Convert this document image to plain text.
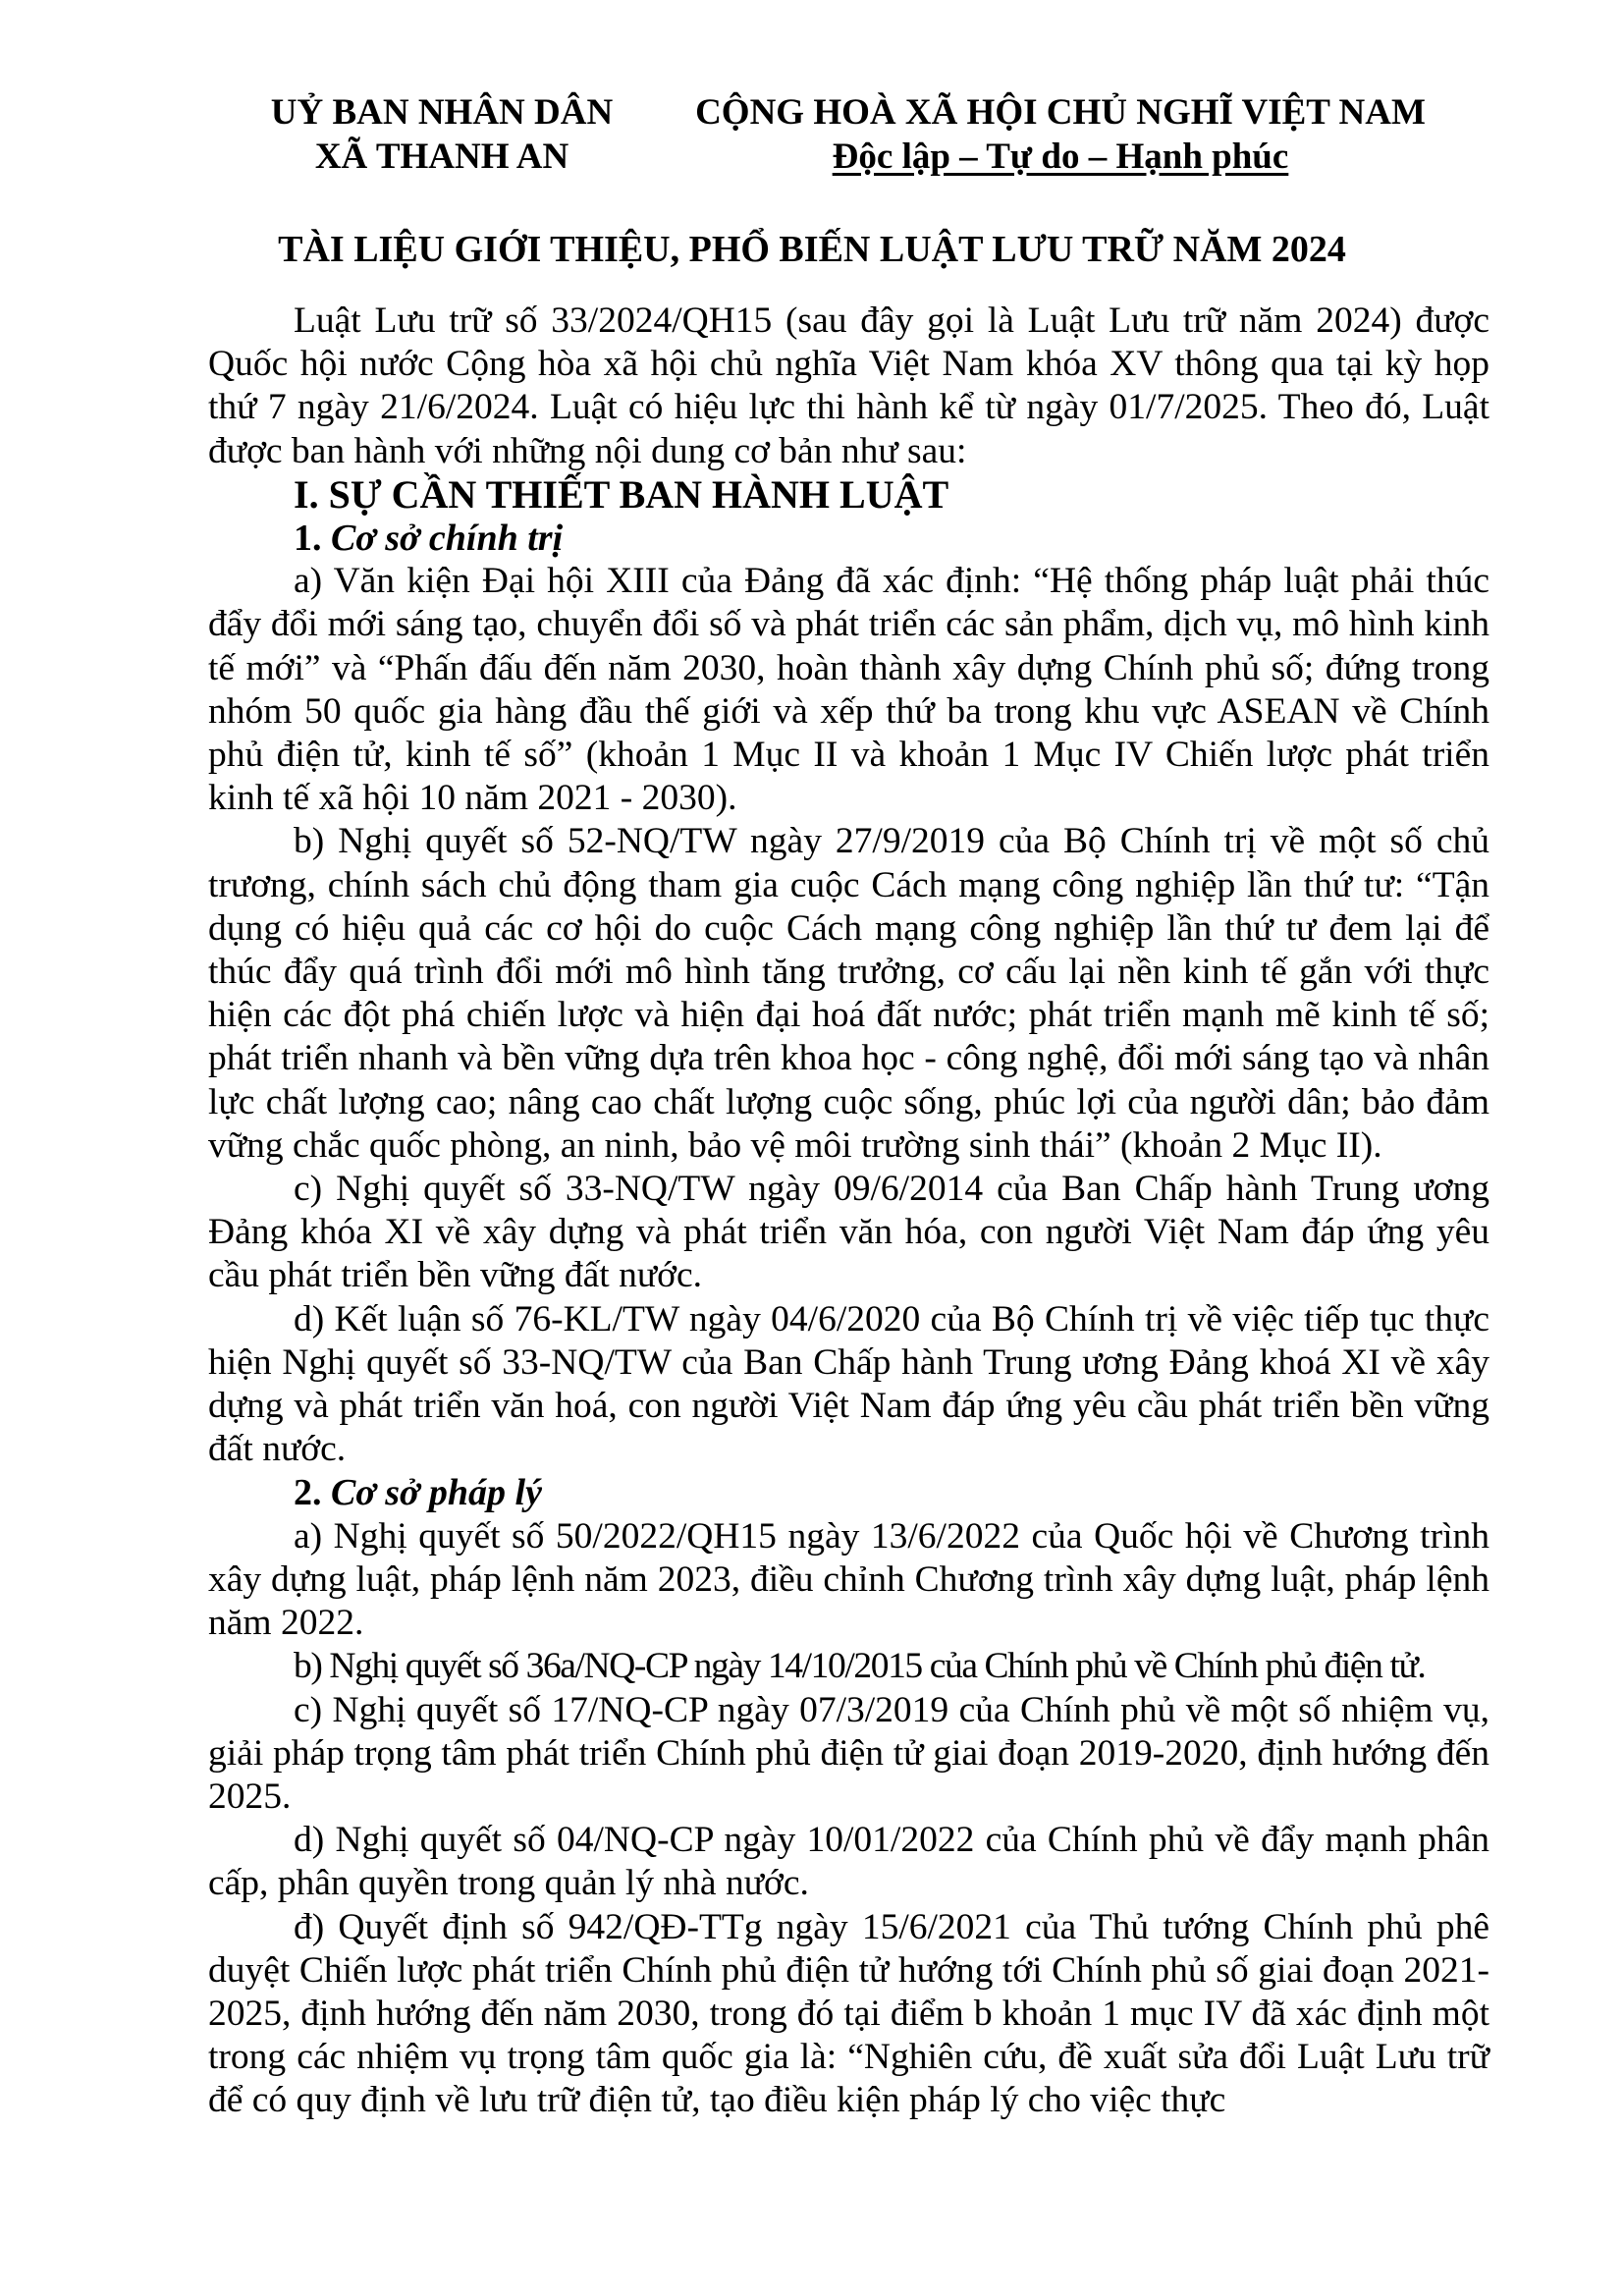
UỶ BAN NHÂN DÂN
XÃ THANH AN
CỘNG HOÀ XÃ HỘI CHỦ NGHĨ VIỆT NAM
Độc lập – Tự do – Hạnh phúc
TÀI LIỆU GIỚI THIỆU, PHỔ BIẾN LUẬT LƯU TRỮ NĂM 2024

Luật Lưu trữ số 33/2024/QH15 (sau đây gọi là Luật Lưu trữ năm 2024) được Quốc hội nước Cộng hòa xã hội chủ nghĩa Việt Nam khóa XV thông qua tại kỳ họp thứ 7 ngày 21/6/2024. Luật có hiệu lực thi hành kể từ ngày 01/7/2025. Theo đó, Luật được ban hành với những nội dung cơ bản như sau:

I. SỰ CẦN THIẾT BAN HÀNH LUẬT
1. Cơ sở chính trị

a) Văn kiện Đại hội XIII của Đảng đã xác định: “Hệ thống pháp luật phải thúc đẩy đổi mới sáng tạo, chuyển đổi số và phát triển các sản phẩm, dịch vụ, mô hình kinh tế mới” và “Phấn đấu đến năm 2030, hoàn thành xây dựng Chính phủ số; đứng trong nhóm 50 quốc gia hàng đầu thế giới và xếp thứ ba trong khu vực ASEAN về Chính phủ điện tử, kinh tế số” (khoản 1 Mục II và khoản 1 Mục IV Chiến lược phát triển kinh tế xã hội 10 năm 2021 - 2030).

b) Nghị quyết số 52-NQ/TW ngày 27/9/2019 của Bộ Chính trị về một số chủ trương, chính sách chủ động tham gia cuộc Cách mạng công nghiệp lần thứ tư: “Tận dụng có hiệu quả các cơ hội do cuộc Cách mạng công nghiệp lần thứ tư đem lại để thúc đẩy quá trình đổi mới mô hình tăng trưởng, cơ cấu lại nền kinh tế gắn với thực hiện các đột phá chiến lược và hiện đại hoá đất nước; phát triển mạnh mẽ kinh tế số; phát triển nhanh và bền vững dựa trên khoa học - công nghệ, đổi mới sáng tạo và nhân lực chất lượng cao; nâng cao chất lượng cuộc sống, phúc lợi của người dân; bảo đảm vững chắc quốc phòng, an ninh, bảo vệ môi trường sinh thái” (khoản 2 Mục II).

c) Nghị quyết số 33-NQ/TW ngày 09/6/2014 của Ban Chấp hành Trung ương Đảng khóa XI về xây dựng và phát triển văn hóa, con người Việt Nam đáp ứng yêu cầu phát triển bền vững đất nước.

d) Kết luận số 76-KL/TW ngày 04/6/2020 của Bộ Chính trị về việc tiếp tục thực hiện Nghị quyết số 33-NQ/TW của Ban Chấp hành Trung ương Đảng khoá XI về xây dựng và phát triển văn hoá, con người Việt Nam đáp ứng yêu cầu phát triển bền vững đất nước.

2. Cơ sở pháp lý

a) Nghị quyết số 50/2022/QH15 ngày 13/6/2022 của Quốc hội về Chương trình xây dựng luật, pháp lệnh năm 2023, điều chỉnh Chương trình xây dựng luật, pháp lệnh năm 2022.

b) Nghị quyết số 36a/NQ-CP ngày 14/10/2015 của Chính phủ về Chính phủ điện tử.

c) Nghị quyết số 17/NQ-CP ngày 07/3/2019 của Chính phủ về một số nhiệm vụ, giải pháp trọng tâm phát triển Chính phủ điện tử giai đoạn 2019-2020, định hướng đến 2025.

d) Nghị quyết số 04/NQ-CP ngày 10/01/2022 của Chính phủ về đẩy mạnh phân cấp, phân quyền trong quản lý nhà nước.

đ) Quyết định số 942/QĐ-TTg ngày 15/6/2021 của Thủ tướng Chính phủ phê duyệt Chiến lược phát triển Chính phủ điện tử hướng tới Chính phủ số giai đoạn 2021-2025, định hướng đến năm 2030, trong đó tại điểm b khoản 1 mục IV đã xác định một trong các nhiệm vụ trọng tâm quốc gia là: “Nghiên cứu, đề xuất sửa đổi Luật Lưu trữ để có quy định về lưu trữ điện tử, tạo điều kiện pháp lý cho việc thực
